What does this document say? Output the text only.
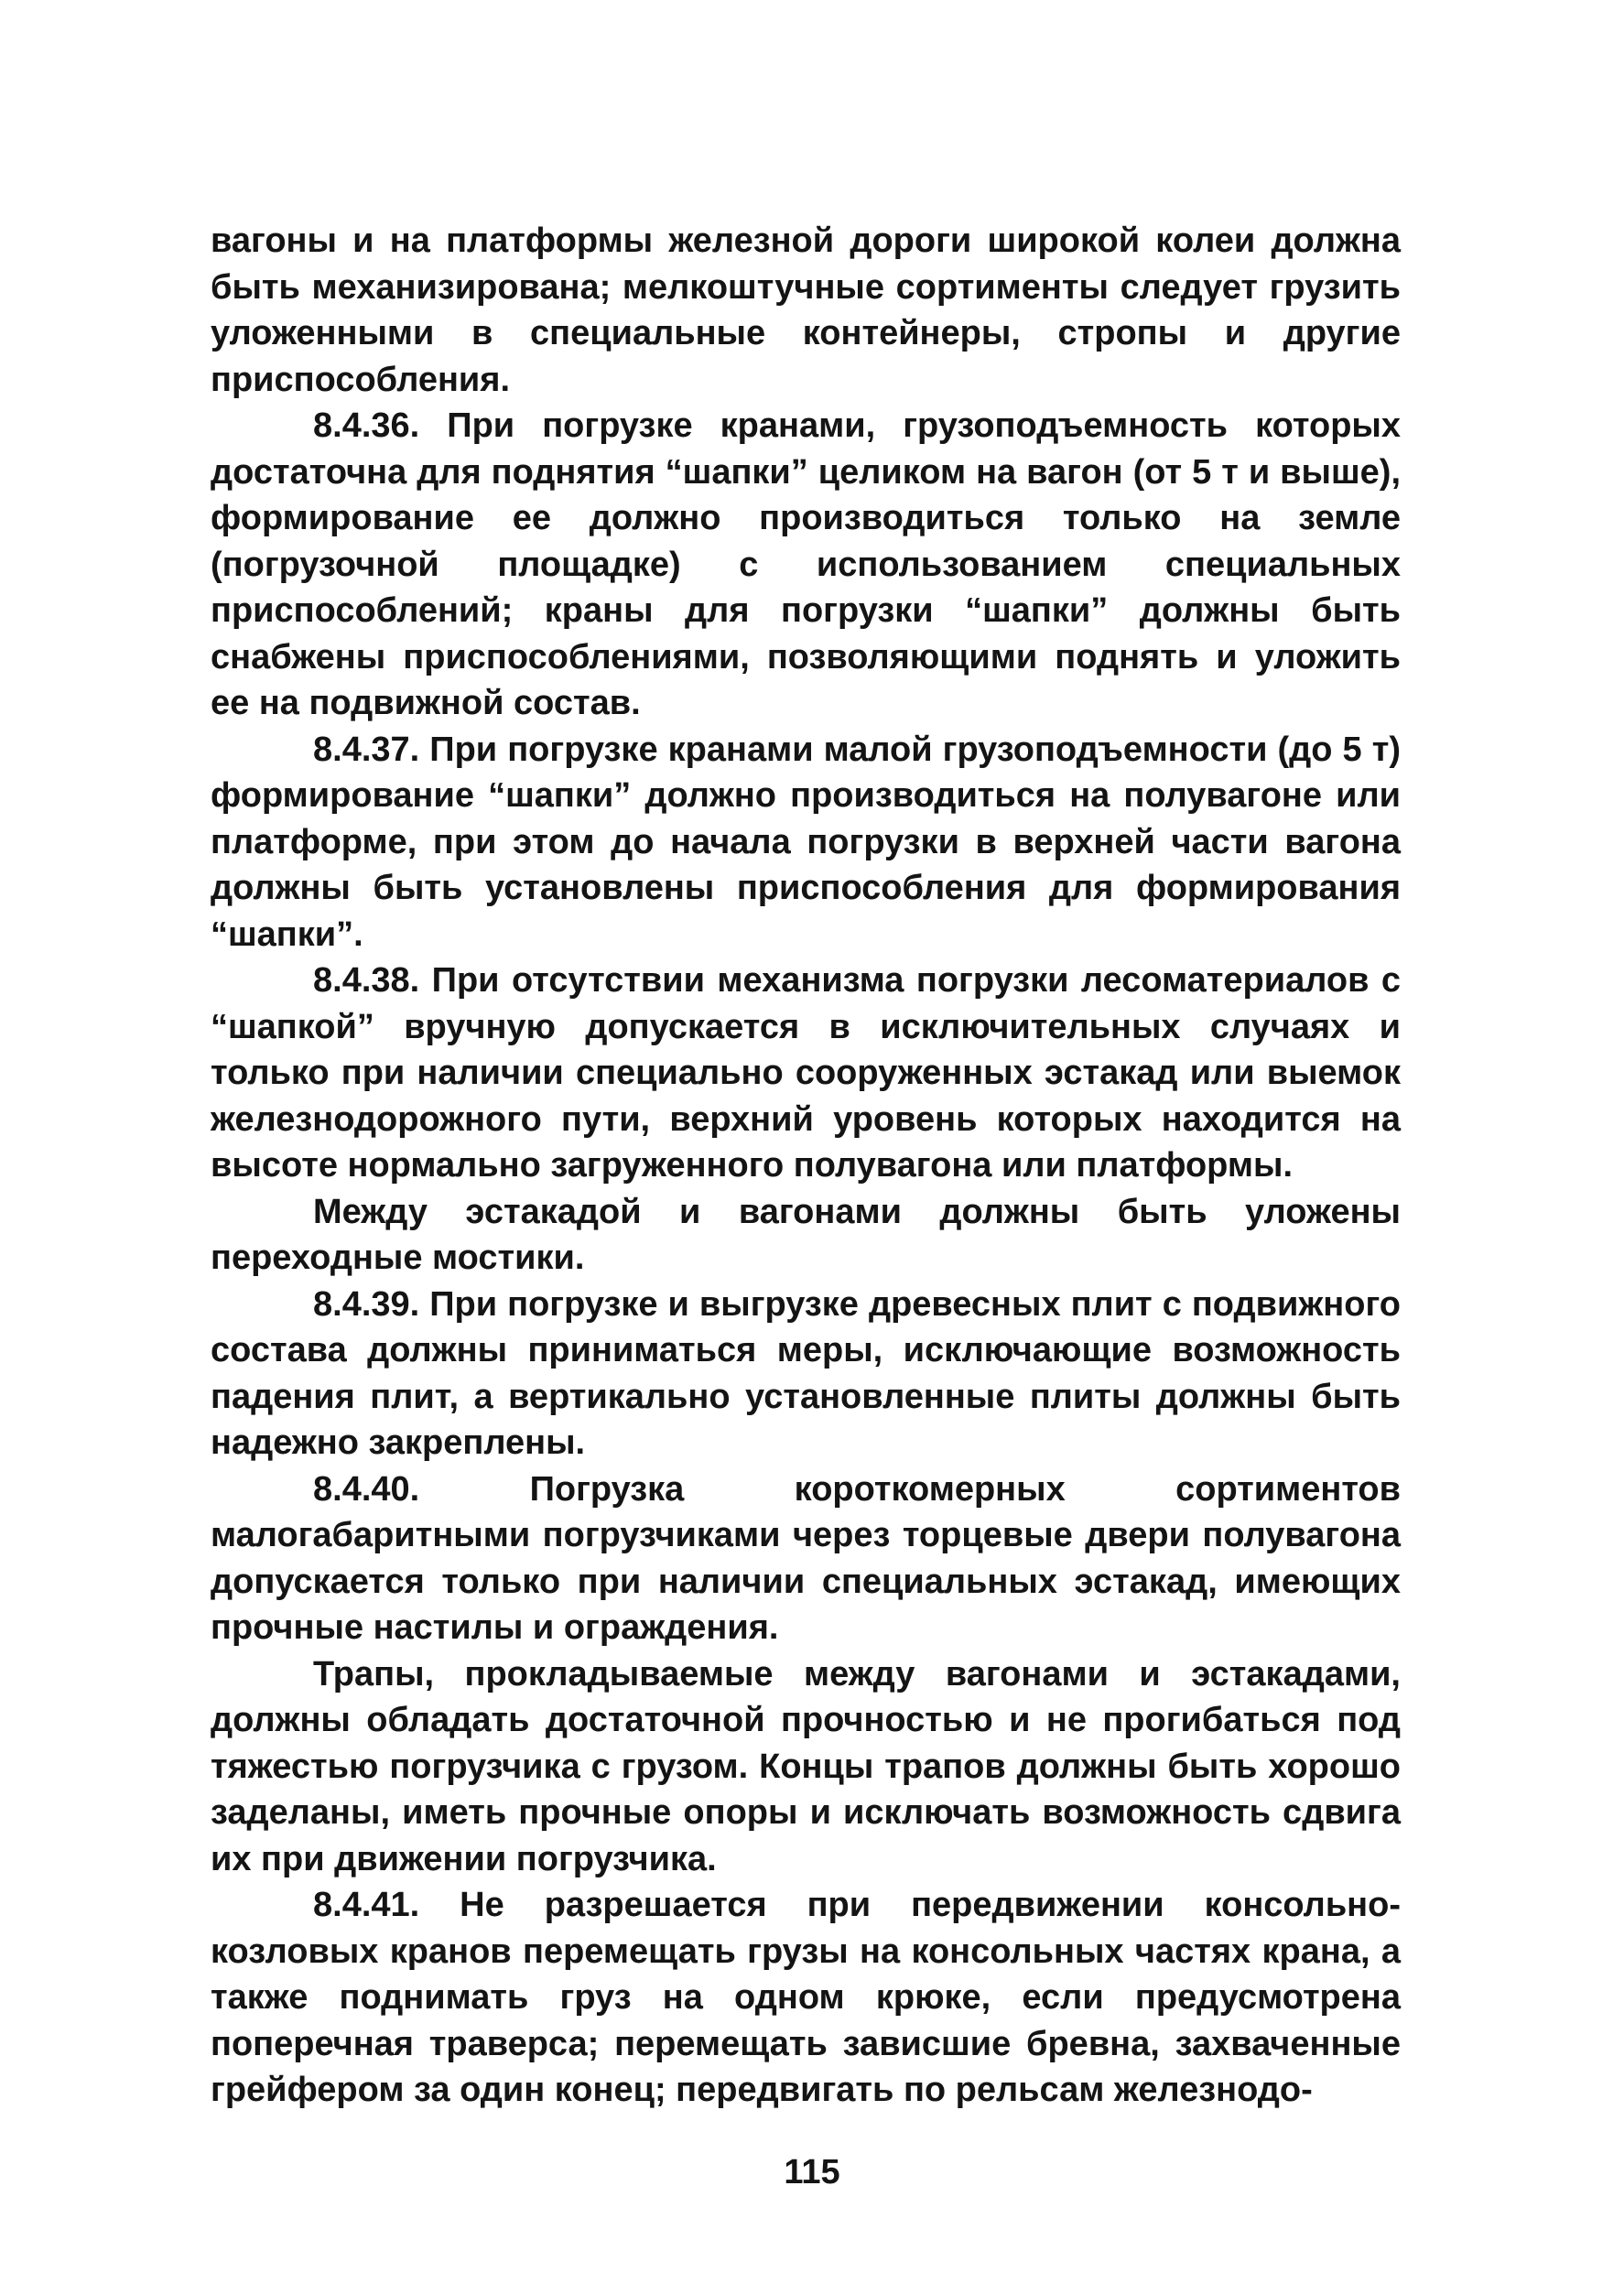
вагоны и на платформы железной дороги широкой колеи должна быть механизирована; мелкоштучные сортименты следует грузить уложенными в специальные контейнеры, стропы и другие приспособления.

8.4.36. При погрузке кранами, грузоподъемность которых достаточна для поднятия “шапки” целиком на вагон (от 5 т и выше), формирование ее должно производиться только на земле (погрузочной площадке) с использованием специальных приспособлений; краны для погрузки “шапки” должны быть снабжены приспособлениями, позволяющими поднять и уложить ее на подвижной состав.

8.4.37. При погрузке кранами малой грузоподъемности (до 5 т) формирование “шапки” должно производиться на полувагоне или платформе, при этом до начала погрузки в верхней части вагона должны быть установлены приспособления для формирования “шапки”.

8.4.38. При отсутствии механизма погрузки лесоматериалов с “шапкой” вручную допускается в исключительных случаях и только при наличии специально сооруженных эстакад или выемок железнодорожного пути, верхний уровень которых находится на высоте нормально загруженного полувагона или платформы.

Между эстакадой и вагонами должны быть уложены переходные мостики.

8.4.39. При погрузке и выгрузке древесных плит с подвижного состава должны приниматься меры, исключающие возможность падения плит, а вертикально установленные плиты должны быть надежно закреплены.

8.4.40. Погрузка короткомерных сортиментов малогабаритными погрузчиками через торцевые двери полувагона допускается только при наличии специальных эстакад, имеющих прочные настилы и ограждения.

Трапы, прокладываемые между вагонами и эстакадами, должны обладать достаточной прочностью и не прогибаться под тяжестью погрузчика с грузом. Концы трапов должны быть хорошо заделаны, иметь прочные опоры и исключать возможность сдвига их при движении погрузчика.

8.4.41. Не разрешается при передвижении консольно-козловых кранов перемещать грузы на консольных частях крана, а также поднимать груз на одном крюке, если предусмотрена поперечная траверса; перемещать зависшие бревна, захваченные грейфером за один конец; передвигать по рельсам железнодо-

115
